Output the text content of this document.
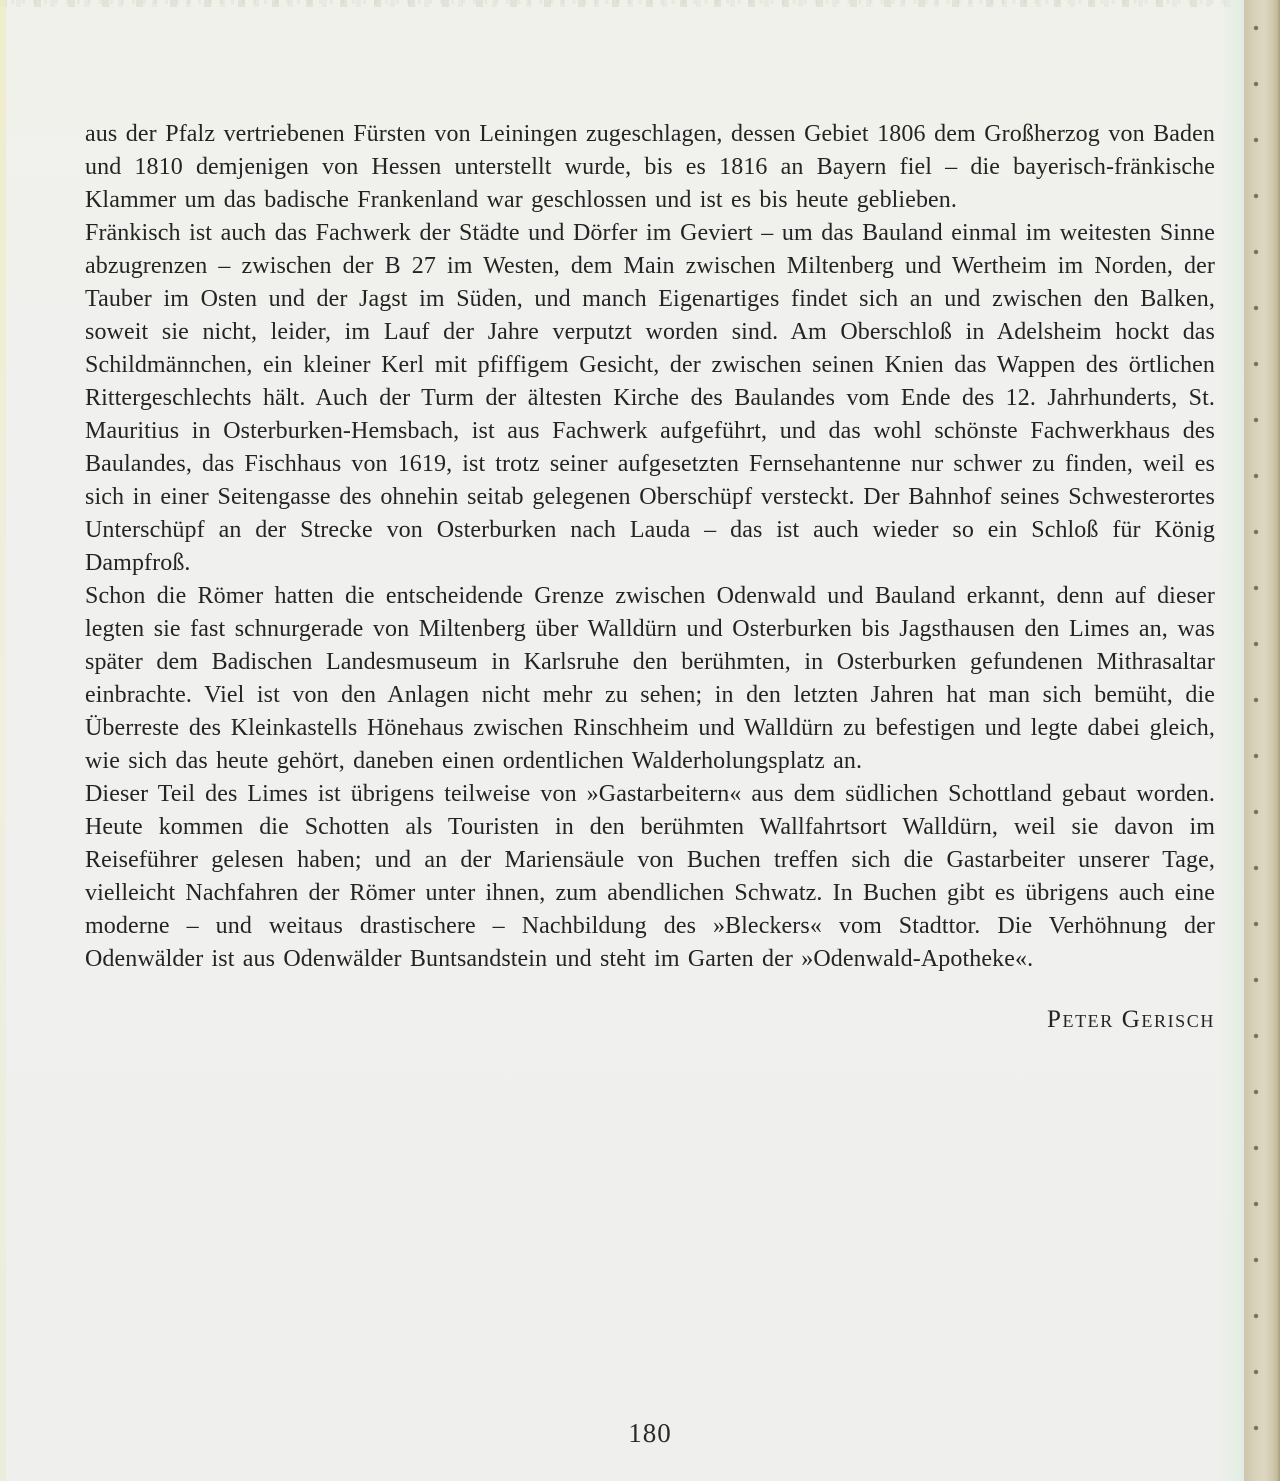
aus der Pfalz vertriebenen Fürsten von Leiningen zugeschlagen, dessen Gebiet 1806 dem Großherzog von Baden und 1810 demjenigen von Hessen unterstellt wurde, bis es 1816 an Bayern fiel – die bayerisch-fränkische Klammer um das badische Frankenland war geschlossen und ist es bis heute geblieben.

Fränkisch ist auch das Fachwerk der Städte und Dörfer im Geviert – um das Bauland einmal im weitesten Sinne abzugrenzen – zwischen der B 27 im Westen, dem Main zwischen Miltenberg und Wertheim im Norden, der Tauber im Osten und der Jagst im Süden, und manch Eigenartiges findet sich an und zwischen den Balken, soweit sie nicht, leider, im Lauf der Jahre verputzt worden sind. Am Oberschloß in Adelsheim hockt das Schildmännchen, ein kleiner Kerl mit pfiffigem Gesicht, der zwischen seinen Knien das Wappen des örtlichen Rittergeschlechts hält. Auch der Turm der ältesten Kirche des Baulandes vom Ende des 12. Jahrhunderts, St. Mauritius in Osterburken-Hemsbach, ist aus Fachwerk aufgeführt, und das wohl schönste Fachwerkhaus des Baulandes, das Fischhaus von 1619, ist trotz seiner aufgesetzten Fernsehantenne nur schwer zu finden, weil es sich in einer Seitengasse des ohnehin seitab gelegenen Oberschüpf versteckt. Der Bahnhof seines Schwesterortes Unterschüpf an der Strecke von Osterburken nach Lauda – das ist auch wieder so ein Schloß für König Dampfroß.

Schon die Römer hatten die entscheidende Grenze zwischen Odenwald und Bauland erkannt, denn auf dieser legten sie fast schnurgerade von Miltenberg über Walldürn und Osterburken bis Jagsthausen den Limes an, was später dem Badischen Landesmuseum in Karlsruhe den berühmten, in Osterburken gefundenen Mithrasaltar einbrachte. Viel ist von den Anlagen nicht mehr zu sehen; in den letzten Jahren hat man sich bemüht, die Überreste des Kleinkastells Hönehaus zwischen Rinschheim und Walldürn zu befestigen und legte dabei gleich, wie sich das heute gehört, daneben einen ordentlichen Walderholungsplatz an.

Dieser Teil des Limes ist übrigens teilweise von »Gastarbeitern« aus dem südlichen Schottland gebaut worden. Heute kommen die Schotten als Touristen in den berühmten Wallfahrtsort Walldürn, weil sie davon im Reiseführer gelesen haben; und an der Mariensäule von Buchen treffen sich die Gastarbeiter unserer Tage, vielleicht Nachfahren der Römer unter ihnen, zum abendlichen Schwatz. In Buchen gibt es übrigens auch eine moderne – und weitaus drastischere – Nachbildung des »Bleckers« vom Stadttor. Die Verhöhnung der Odenwälder ist aus Odenwälder Buntsandstein und steht im Garten der »Odenwald-Apotheke«.

Peter Gerisch
180
